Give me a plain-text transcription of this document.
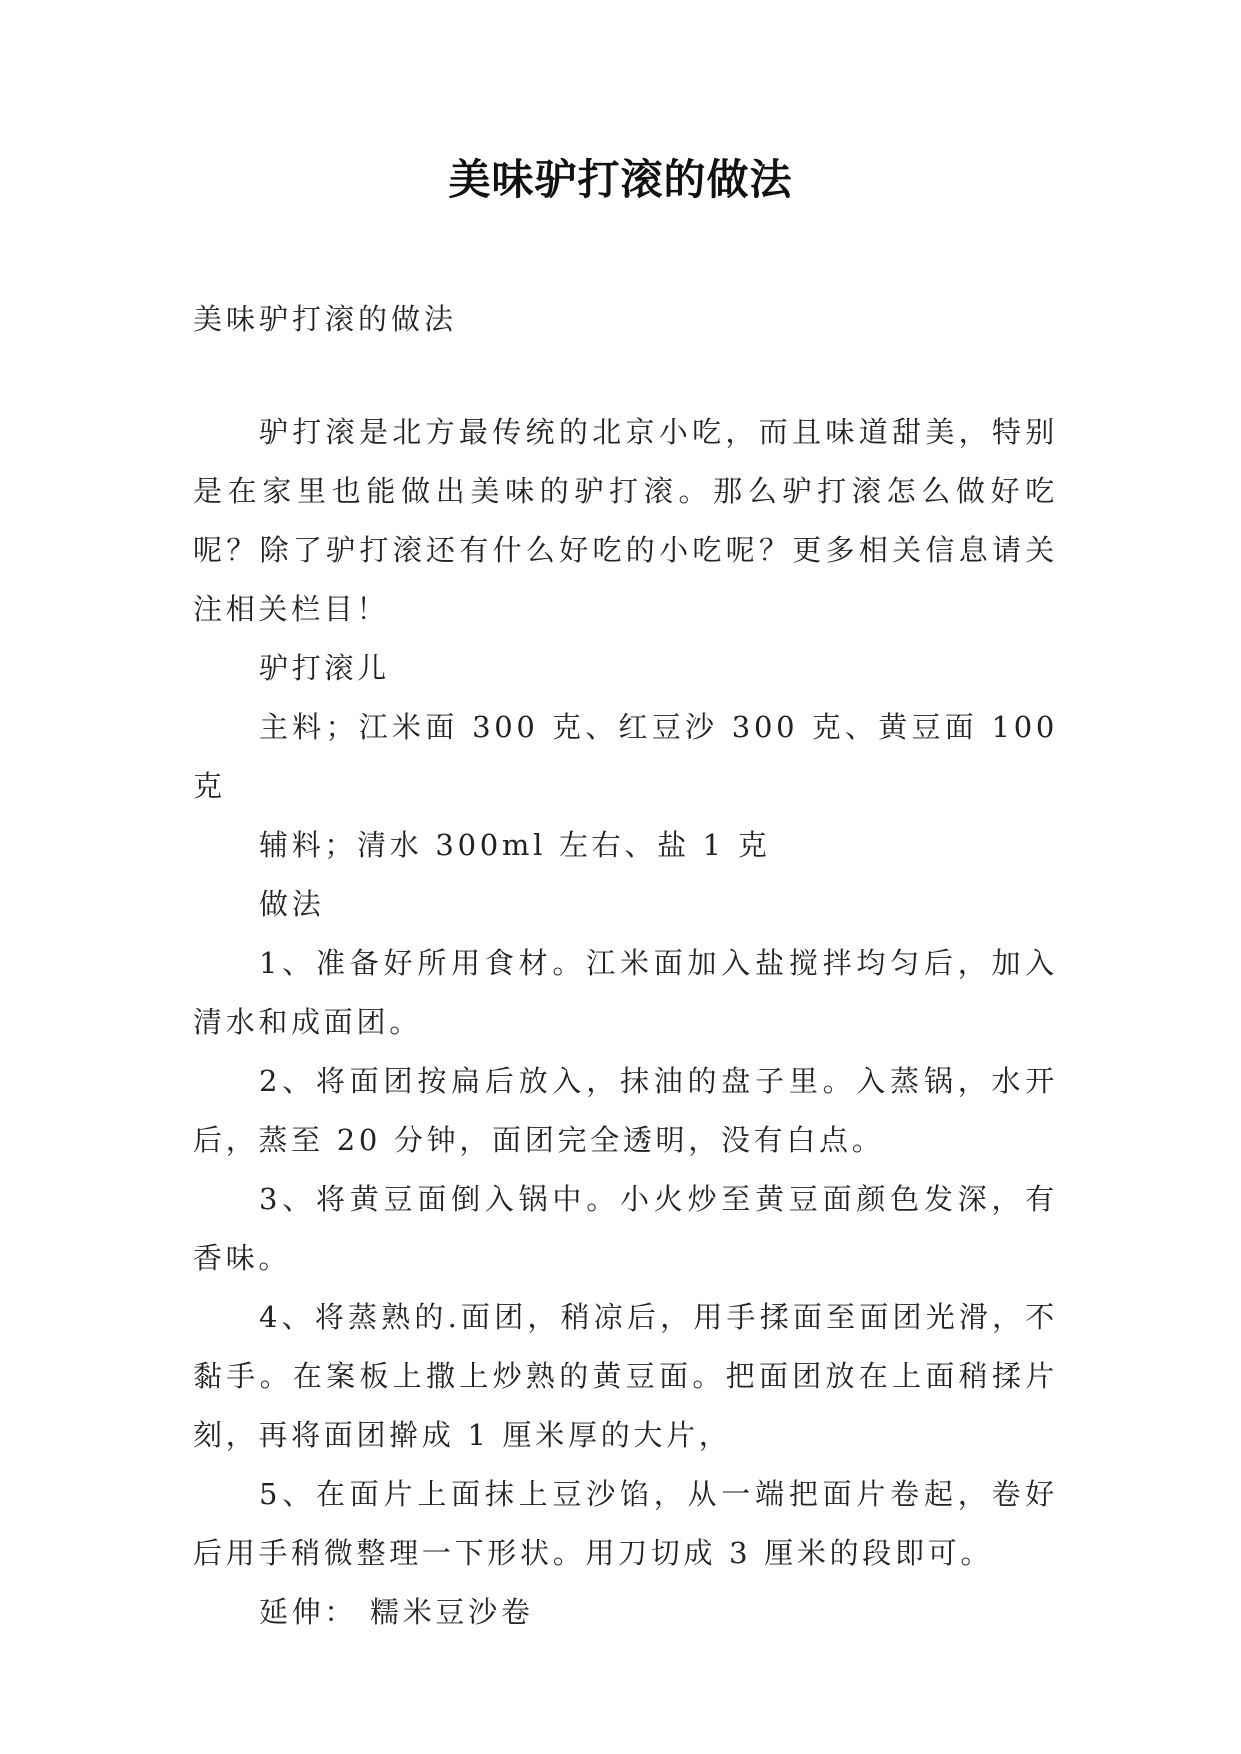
美味驴打滚的做法

美味驴打滚的做法

驴打滚是北方最传统的北京小吃，而且味道甜美，特别是在家里也能做出美味的驴打滚。那么驴打滚怎么做好吃呢？除了驴打滚还有什么好吃的小吃呢？更多相关信息请关注相关栏目！

驴打滚儿

主料；江米面 300 克、红豆沙 300 克、黄豆面 100 克

辅料；清水 300ml 左右、盐 1 克

做法

1、准备好所用食材。江米面加入盐搅拌均匀后，加入清水和成面团。

2、将面团按扁后放入，抹油的盘子里。入蒸锅，水开后，蒸至 20 分钟，面团完全透明，没有白点。

3、将黄豆面倒入锅中。小火炒至黄豆面颜色发深，有香味。

4、将蒸熟的.面团，稍凉后，用手揉面至面团光滑，不黏手。在案板上撒上炒熟的黄豆面。把面团放在上面稍揉片刻，再将面团擀成 1 厘米厚的大片，

5、在面片上面抹上豆沙馅，从一端把面片卷起，卷好后用手稍微整理一下形状。用刀切成 3 厘米的段即可。

延伸： 糯米豆沙卷
